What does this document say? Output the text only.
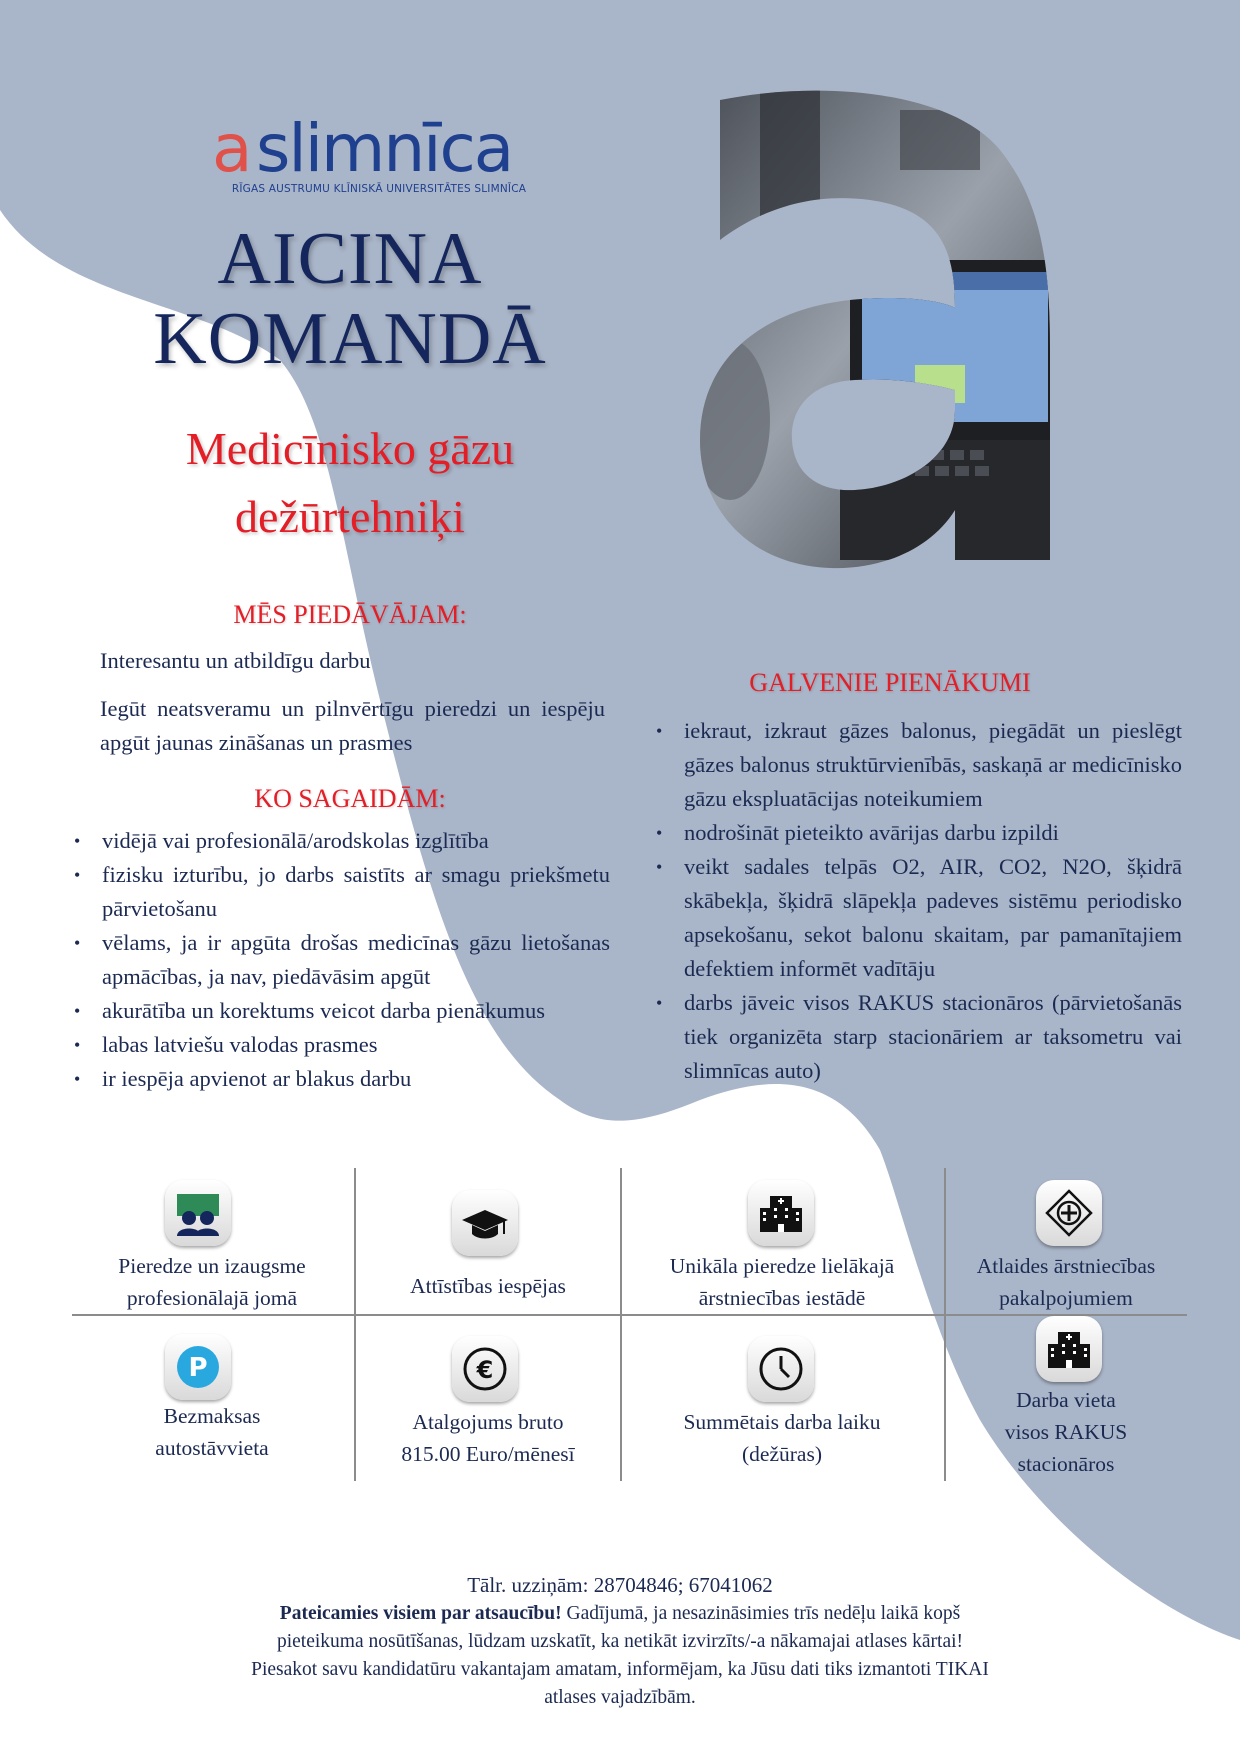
a slimnīca
RĪGAS AUSTRUMU KLĪNISKĀ UNIVERSITĀTES SLIMNĪCA
AICINA
KOMANDĀ
Medicīnisko gāzu
dežūrtehniķi
MĒS PIEDĀVĀJAM:
Interesantu un atbildīgu darbu
Iegūt neatsveramu un pilnvērtīgu pieredzi un iespēju apgūt jaunas zināšanas un prasmes
KO SAGAIDĀM:
• vidējā vai profesionālā/arodskolas izglītība
• fizisku izturību, jo darbs saistīts ar smagu priekšmetu pārvietošanu
• vēlams, ja ir apgūta drošas medicīnas gāzu lietošanas apmācības, ja nav, piedāvāsim apgūt
• akurātība un korektums veicot darba pienākumus
• labas latviešu valodas prasmes
• ir iespēja apvienot ar blakus darbu
GALVENIE PIENĀKUMI
• iekraut, izkraut gāzes balonus, piegādāt un pieslēgt gāzes balonus struktūrvienībās, saskaņā ar medicīnisko gāzu ekspluatācijas noteikumiem
• nodrošināt pieteikto avārijas darbu izpildi
• veikt sadales telpās O2, AIR, CO2, N2O, šķidrā skābekļa, šķidrā slāpekļa padeves sistēmu periodisko apsekošanu, sekot balonu skaitam, par pamanītajiem defektiem informēt vadītāju
• darbs jāveic visos RAKUS stacionāros (pārvietošanās tiek organizēta starp stacionāriem ar taksometru vai slimnīcas auto)
Pieredze un izaugsme
profesionālajā jomā	Attīstības iespējas
Unikāla pieredze lielākajā
ārstniecības iestādē
Atlaides ārstniecības
pakalpojumiem
P
Bezmaksas
autostāvvieta
€
Atalgojums bruto
815.00 Euro/mēnesī
Summētais darba laiku
(dežūras)
Darba vieta
visos RAKUS
stacionāros
Tālr. uzziņām: 28704846; 67041062
Pateicamies visiem par atsaucību! Gadījumā, ja nesazināsimies trīs nedēļu laikā kopš
pieteikuma nosūtīšanas, lūdzam uzskatīt, ka netikāt izvirzīts/-a nākamajai atlases kārtai!
Piesakot savu kandidatūru vakantajam amatam, informējam, ka Jūsu dati tiks izmantoti TIKAI
atlases vajadzībām.
